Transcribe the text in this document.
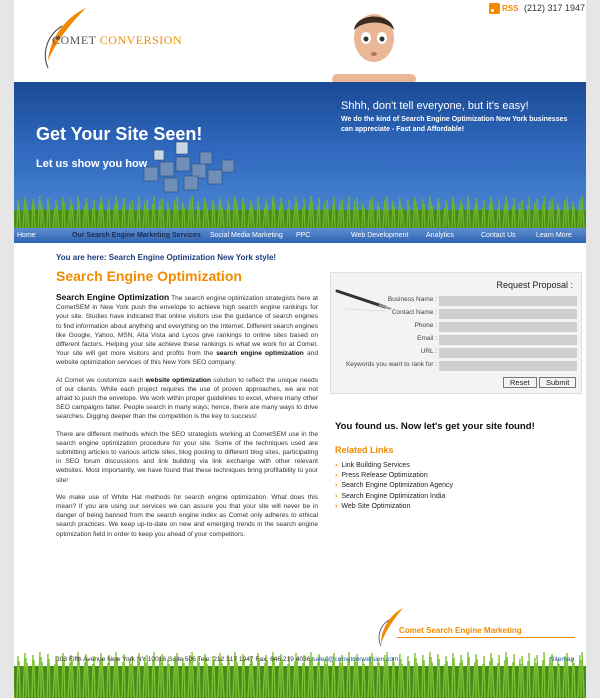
COMET CONVERSION
RSS (212) 317 1947
Get Your Site Seen!
Let us show you how
Shhh, don't tell everyone, but it's easy!
We do the kind of Search Engine Optimization New York businesses can appreciate - Fast and Affordable!
Home	Our Search Engine Marketing Services Social Media Marketing PPC	Web Development	Analytics	Contact Us	Learn More
You are here: Search Engine Optimization New York style!
Search Engine Optimization

Search Engine Optimization The search engine optimization strategists here at CometSEM in New York push the envelope to achieve high search engine rankings for your site. Studies have indicated that online visitors use the guidance of search engines to find information about anything and everything on the Internet. Different search engines like Google, Yahoo, MSN, Alta Vista and Lycos give rankings to online sites based on different factors. Helping your site achieve these rankings is what we work for at Comet. Your site will get more visitors and profits from the search engine optimization and website optimization services of this New York SEO company.

At Comet we customize each website optimization solution to reflect the unique needs of our clients. While each project requires the use of proven approaches, we are not afraid to push the envelope. We work within proper guidelines to excel, where many other SEO campaigns falter. People search in many ways; hence, there are many ways to drive searches. Digging deeper than the competition is the key to success!

There are different methods which the SEO strategists working at CometSEM use in the search engine optimization procedure for your site. Some of the techniques used are submitting articles to various article sites, blog posting to different blog sites, participating in SEO forum discussions and link building via link exchange with other relevant websites. Most importantly, we have found that these techniques bring profitability to your site!

We make use of White Hat methods for search engine optimization. What does this mean? If you are using our services we can assure you that your site will never be in danger of being banned from the search engine index as Comet only adheres to ethical search practices. We keep up-to-date on new and emerging trends in the search engine optimization field in order to keep you ahead of your competitors.

Request Proposal :
Business Name :
Contact Name :
Phone :
Email :
URL :
Keywords you want to rank for :
Reset	Submit
You found us. Now let's get your site found!
Related Links
› Link Building Services
› Press Release Optimization
› Search Engine Optimization Agency
› Search Engine Optimization India
› Web Site Optimization
Comet Search Engine Marketing
303 Fifth Avenue New York NY 10016 Suite 506 Tele: 212 317 1947 Fax: 646 219 4036 sales@cometconversion.com	Sitemap
